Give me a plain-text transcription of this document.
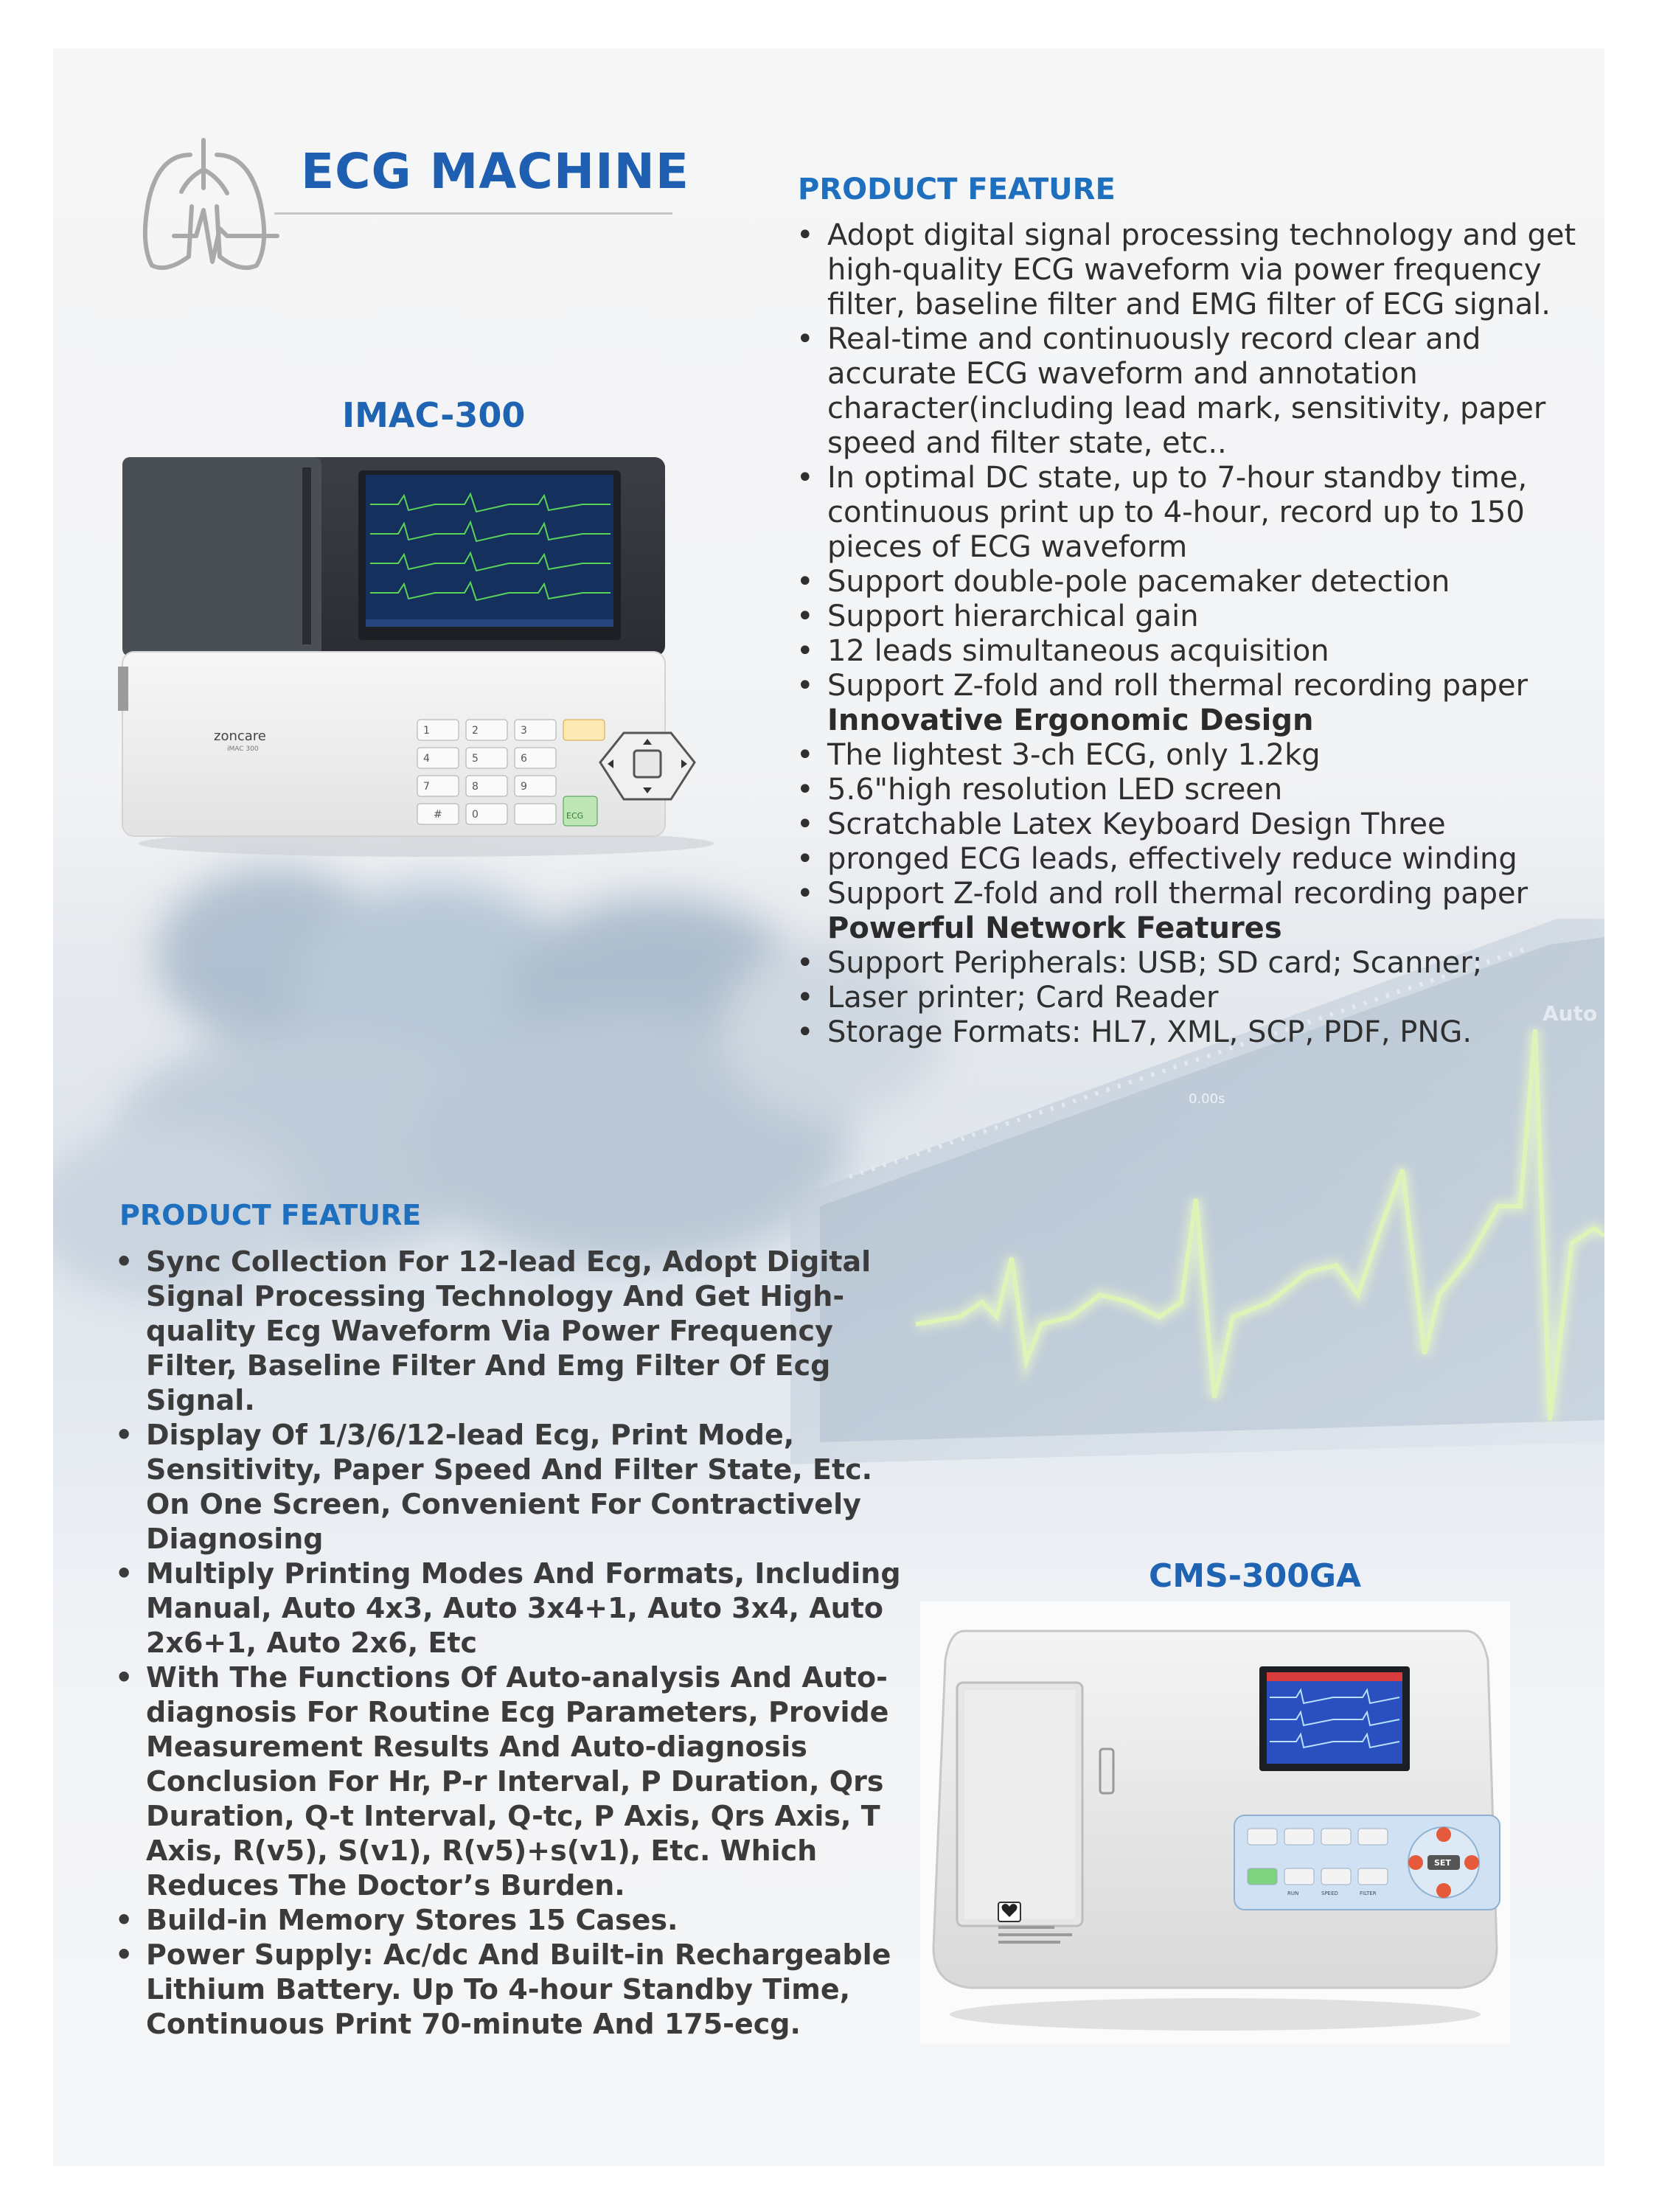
0.00s
Auto
ECG MACHINE	PRODUCT FEATURE
• Adopt digital signal processing technology and get high-quality ECG waveform via power frequency filter, baseline filter and EMG filter of ECG signal.
• Real-time and continuously record clear and accurate ECG waveform and annotation character(including lead mark, sensitivity, paper speed and filter state, etc..
• In optimal DC state, up to 7-hour standby time, continuous print up to 4-hour, record up to 150 pieces of ECG waveform
• Support double-pole pacemaker detection
• Support hierarchical gain
• 12 leads simultaneous acquisition
• Support Z-fold and roll thermal recording paper
Innovative Ergonomic Design
• The lightest 3-ch ECG, only 1.2kg
• 5.6"high resolution LED screen
• Scratchable Latex Keyboard Design Three
• pronged ECG leads, effectively reduce winding
• Support Z-fold and roll thermal recording paper
Powerful Network Features
• Support Peripherals: USB; SD card; Scanner;
• Laser printer; Card Reader
• Storage Formats: HL7, XML, SCP, PDF, PNG.
IMAC-300
zoncare
iMAC 300
1	2	3
4	5	6
7	8	9
#	0	ECG
PRODUCT FEATURE
• Sync Collection For 12-lead Ecg, Adopt Digital Signal Processing Technology And Get High-quality Ecg Waveform Via Power Frequency Filter, Baseline Filter And Emg Filter Of Ecg Signal.
• Display Of 1/3/6/12-lead Ecg, Print Mode, Sensitivity, Paper Speed And Filter State, Etc. On One Screen, Convenient For Contractively Diagnosing
• Multiply Printing Modes And Formats, Including Manual, Auto 4x3, Auto 3x4+1, Auto 3x4, Auto 2x6+1, Auto 2x6, Etc
• With The Functions Of Auto-analysis And Auto-diagnosis For Routine Ecg Parameters, Provide Measurement Results And Auto-diagnosis Conclusion For Hr, P-r Interval, P Duration, Qrs Duration, Q-t Interval, Q-tc, P Axis, Qrs Axis, T Axis, R(v5), S(v1), R(v5)+s(v1), Etc. Which Reduces The Doctor’s Burden.
• Build-in Memory Stores 15 Cases.
• Power Supply: Ac/dc And Built-in Rechargeable Lithium Battery. Up To 4-hour Standby Time, Continuous Print 70-minute And 175-ecg.
CMS-300GA
RUN	SPEED	FILTER
SET
